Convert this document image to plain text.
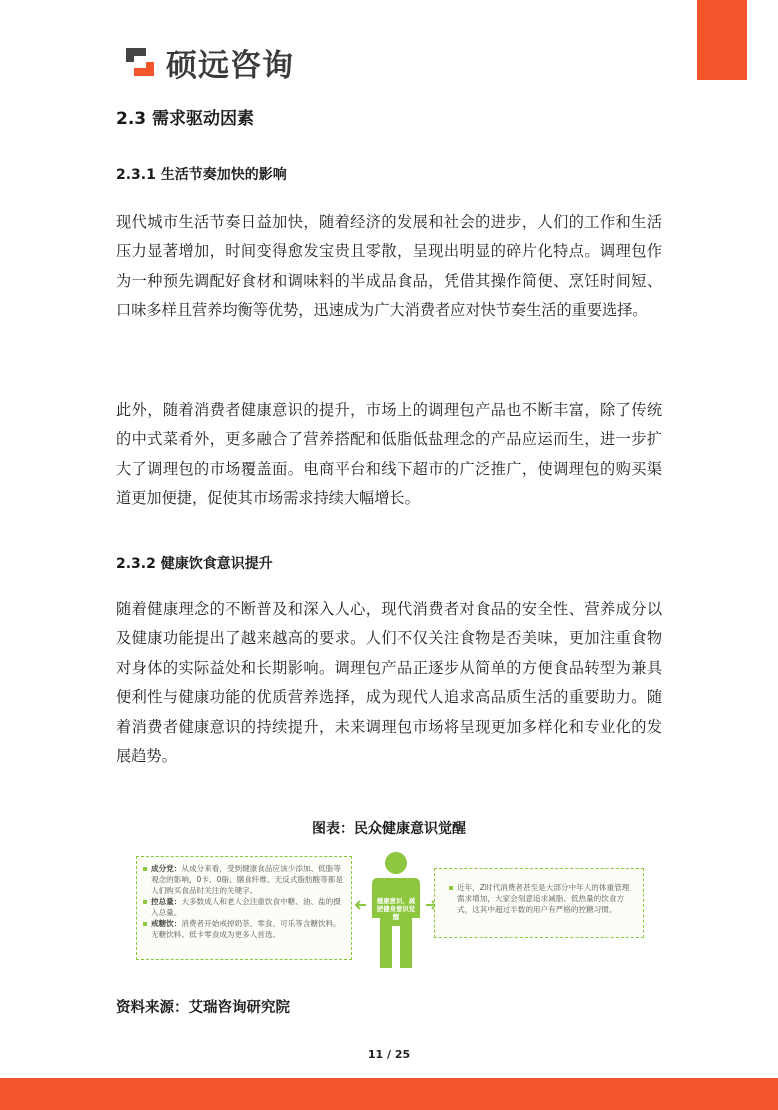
硕远咨询
2.3 需求驱动因素
2.3.1 生活节奏加快的影响

现代城市生活节奏日益加快，随着经济的发展和社会的进步，人们的工作和生活压力显著增加，时间变得愈发宝贵且零散，呈现出明显的碎片化特点。调理包作为一种预先调配好食材和调味料的半成品食品，凭借其操作简便、烹饪时间短、口味多样且营养均衡等优势，迅速成为广大消费者应对快节奏生活的重要选择。

此外，随着消费者健康意识的提升，市场上的调理包产品也不断丰富，除了传统的中式菜肴外，更多融合了营养搭配和低脂低盐理念的产品应运而生，进一步扩大了调理包的市场覆盖面。电商平台和线下超市的广泛推广，使调理包的购买渠道更加便捷，促使其市场需求持续大幅增长。

2.3.2 健康饮食意识提升

随着健康理念的不断普及和深入人心，现代消费者对食品的安全性、营养成分以及健康功能提出了越来越高的要求。人们不仅关注食物是否美味，更加注重食物对身体的实际益处和长期影响。调理包产品正逐步从简单的方便食品转型为兼具便利性与健康功能的优质营养选择，成为现代人追求高品质生活的重要助力。随着消费者健康意识的持续提升，未来调理包市场将呈现更加多样化和专业化的发展趋势。

图表：民众健康意识觉醒
成分党：从成分来看，受到健康食品应该少添加、低脂等观念的影响，0卡、0脂、膳食纤维、无反式脂肪酸等都是人们购买食品时关注的关键字。
控总量：大多数成人和老人会注重饮食中糖、油、盐的摄入总量。
戒糖饮：消费者开始戒掉奶茶、零食、可乐等含糖饮料。无糖饮料、低卡零食成为更多人首选。
健康意识、减肥健身意识觉醒
近年，Z时代消费者甚至是大部分中年人的体重管理需求增加，大家会刻意追求减脂、低热量的饮食方式，这其中超过半数的用户有严格的控糖习惯。
资料来源：艾瑞咨询研究院
11 / 25
